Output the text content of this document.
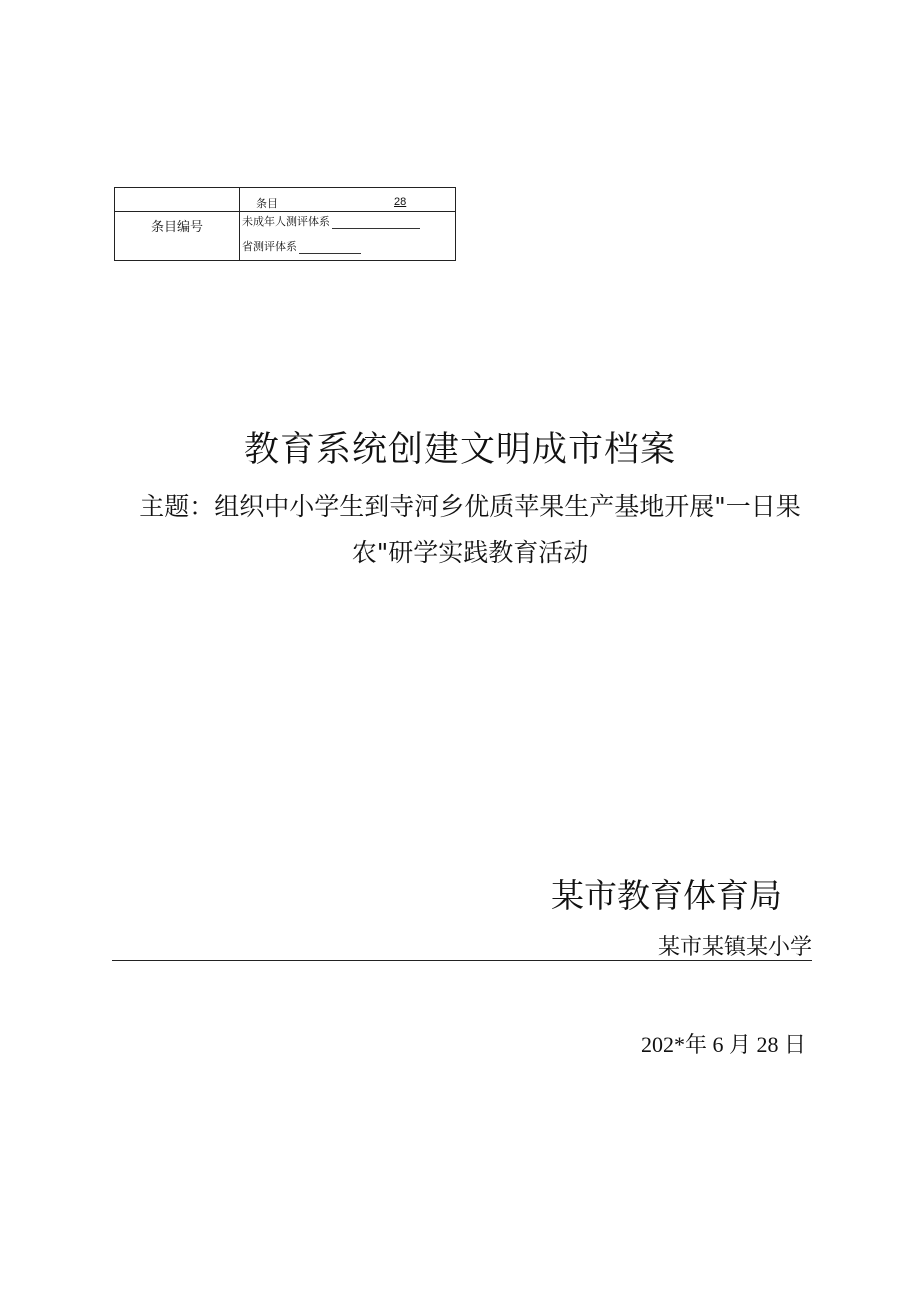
	条目 28

条目编号	未成年人测评体系
省测评体系
教育系统创建文明成市档案
主题：组织中小学生到寺河乡优质苹果生产基地开展"一日果农"研学实践教育活动
某市教育体育局
某市某镇某小学
202*年 6 月 28 日
